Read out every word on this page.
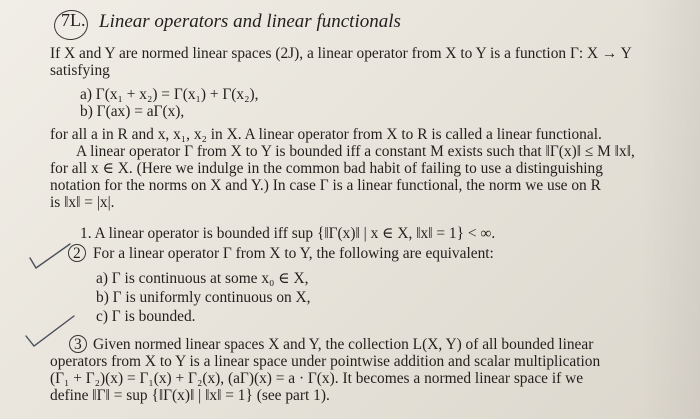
7L. Linear operators and linear functionals
If X and Y are normed linear spaces (2J), a linear operator from X to Y is a function Γ: X → Y
satisfying
a) Γ(x₁ + x₂) = Γ(x₁) + Γ(x₂),
b) Γ(ax) = aΓ(x),
for all a in R and x, x₁, x₂ in X. A linear operator from X to R is called a linear functional.
A linear operator Γ from X to Y is bounded iff a constant M exists such that ‖Γ(x)‖ ≤ M ‖x‖,
for all x ∈ X. (Here we indulge in the common bad habit of failing to use a distinguishing
notation for the norms on X and Y.) In case Γ is a linear functional, the norm we use on R
is ‖x‖ = |x|.
1. A linear operator is bounded iff sup {‖Γ(x)‖ | x ∈ X, ‖x‖ = 1} < ∞.
2 For a linear operator Γ from X to Y, the following are equivalent:
a) Γ is continuous at some x₀ ∈ X,
b) Γ is uniformly continuous on X,
c) Γ is bounded.
3 Given normed linear spaces X and Y, the collection L(X, Y) of all bounded linear
operators from X to Y is a linear space under pointwise addition and scalar multiplication
(Γ₁ + Γ₂)(x) = Γ₁(x) + Γ₂(x), (aΓ)(x) = a · Γ(x). It becomes a normed linear space if we
define ‖Γ‖ = sup {‖Γ(x)‖ | ‖x‖ = 1} (see part 1).
